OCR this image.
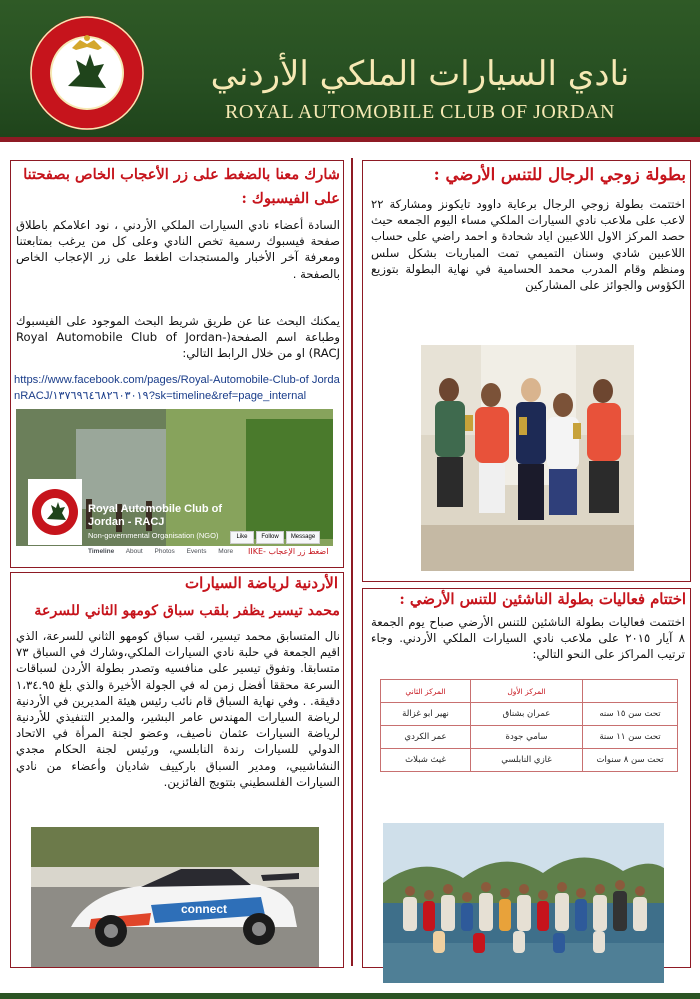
نادي السيارات الملكي الأردني
ROYAL AUTOMOBILE CLUB OF JORDAN
بطولة زوجي الرجال للتنس الأرضي :
اختتمت بطولة زوجي الرجال برعاية داوود تايكونز ومشاركة ٢٢ لاعب على ملاعب نادي السيارات الملكي مساء اليوم الجمعه حيث حصد المركز الاول اللاعبين اياد شحادة و احمد راضي على حساب اللاعبين شادي وسنان التميمي تمت المباريات بشكل سلس ومنظم وقام المدرب محمد الحسامية في نهاية البطولة بتوزيع الكؤوس والجوائز على المشاركين
اختتام فعاليات بطولة الناشئين للتنس الأرضي :
اختتمت فعاليات بطولة الناشئين للتنس الأرضي صباح يوم الجمعة ٨ آيار ٢٠١٥ على ملاعب نادي السيارات الملكي الأردني. وجاء ترتيب المراكز على النحو التالي:
	المركز الأول	المركز الثاني
تحت سن ١٥ سنه	عمران بشناق	نهير ابو غزالة
تحت سن ١١ سنة	سامي جودة	عمر الكردي
تحت سن ٨ سنوات	غازي النابلسي	غيث شبلاث
شارك معنا بالضغط على زر الأعجاب الخاص بصفحتنا
على الفيسبوك :
السادة أعضاء نادي السيارات الملكي الأردني ، نود اعلامكم باطلاق صفحة فيسبوك رسمية تخص النادي وعلى كل من يرغب بمتابعتنا ومعرفة آخر الأخبار والمستجدات اطغط على زر الإعجاب الخاص بالصفحة .
يمكنك البحث عنا عن طريق شريط البحث الموجود على الفيسبوك وطباعة اسم الصفحة(Royal Automobile Club of Jordan-RACJ) او من خلال الرابط التالي:
https://www.facebook.com/pages/Royal-Automobile-Club-of JordanRACJ/١٣٧٦٩٦٤٦٨٢٦٠٣٠١٩?sk=timeline&ref=page_internal
Royal Automobile Club of
Jordan - RACJ
Non-governmental Organisation (NGO)	Like	Follow	Message
Timeline About Photos Events More اضغط زر الإعجاب -IIKE
الأردنية لرياضة السيارات
محمد تيسير يظفر بلقب سباق كومهو الثاني للسرعة
نال المتسابق محمد تيسير، لقب سباق كومهو الثاني للسرعة، الذي اقيم الجمعة في حلبة نادي السيارات الملكي،وشارك في السباق ٧٣ متسابقا. وتفوق تيسير على منافسيه وتصدر بطولة الأردن لسباقات السرعة محققا أفضل زمن له في الجولة الأخيرة والذي بلغ ١،٣٤.٩٥ دقيقة. . وفي نهاية السباق قام نائب رئيس هيئة المديرين في الأردنية لرياضة السيارات المهندس عامر البشير، والمدير التنفيذي للأردنية لرياضة السيارات عثمان ناصيف، وعضو لجنة المرأة في الاتحاد الدولي للسيارات رندة النابلسي، ورئيس لجنة الحكام مجدي النشاشيبي، ومدير السباق باركييف شاديان وأعضاء من نادي السيارات الفلسطيني بتتويج الفائزين.
connect
